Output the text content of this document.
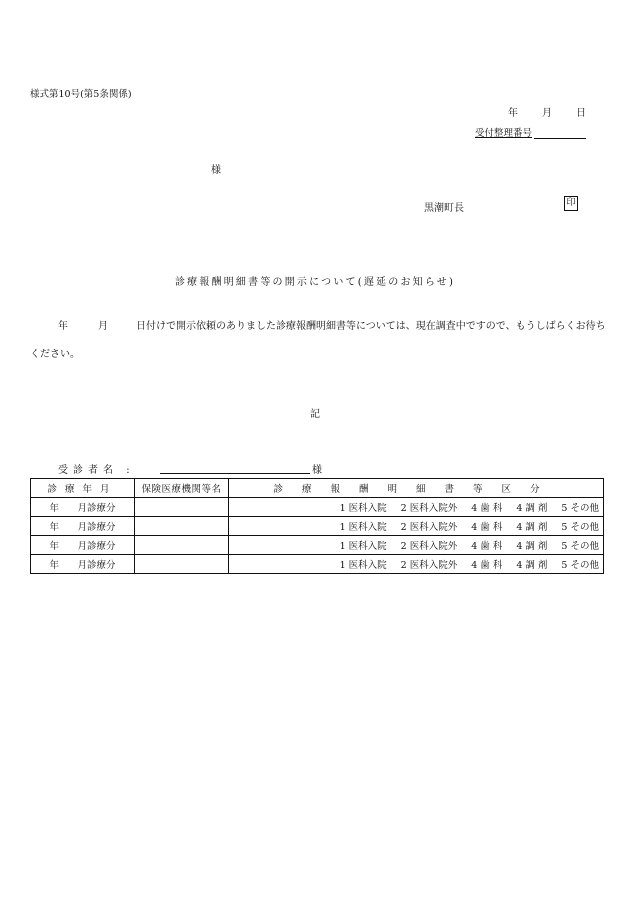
様式第10号(第5条関係)
年 月 日
受付整理番号
様
黒潮町長	印
診療報酬明細書等の開示について(遅延のお知らせ)
年	月	日付けで開示依頼のありました診療報酬明細書等については、現在調査中ですので、もうしばらくお待ち
ください。
記
受診者名 :	様
診療年月	保険医療機関等名	診療報酬明細書等区分
年 月診療分		1 医科入院 2 医科入院外 4 歯 科 4 調 剤 5 その他
年 月診療分		1 医科入院 2 医科入院外 4 歯 科 4 調 剤 5 その他
年 月診療分		1 医科入院 2 医科入院外 4 歯 科 4 調 剤 5 その他
年 月診療分		1 医科入院 2 医科入院外 4 歯 科 4 調 剤 5 その他
